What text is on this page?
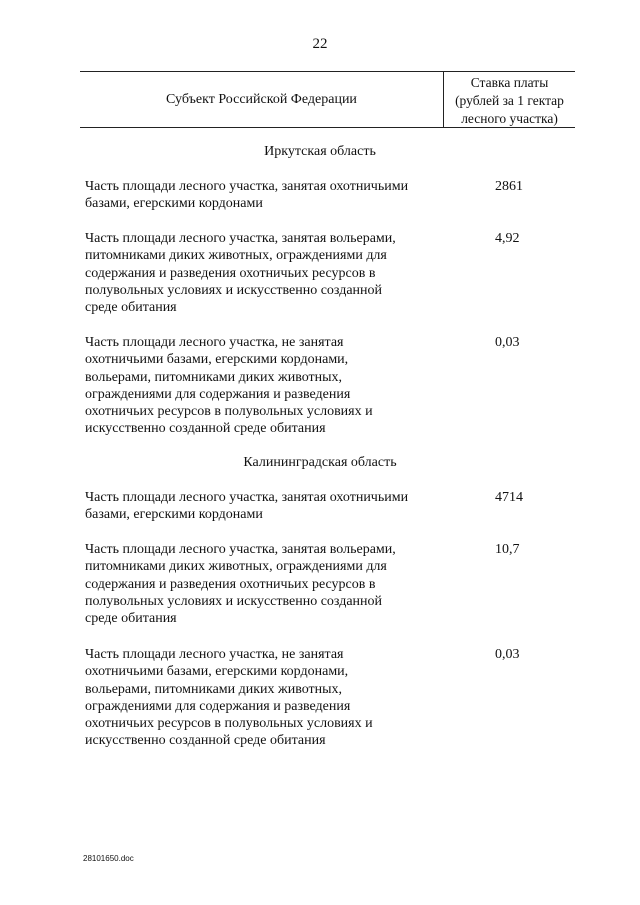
22
Субъект Российской Федерации
Ставка платы
(рублей за 1 гектар
лесного участка)
Иркутская область
Часть площади лесного участка, занятая охотничьими
базами, егерскими кордонами
2861
Часть площади лесного участка, занятая вольерами,
питомниками диких животных, ограждениями для
содержания и разведения охотничьих ресурсов в
полувольных условиях и искусственно созданной
среде обитания
4,92
Часть площади лесного участка, не занятая
охотничьими базами, егерскими кордонами,
вольерами, питомниками диких животных,
ограждениями для содержания и разведения
охотничьих ресурсов в полувольных условиях и
искусственно созданной среде обитания
0,03
Калининградская область
Часть площади лесного участка, занятая охотничьими
базами, егерскими кордонами
4714
Часть площади лесного участка, занятая вольерами,
питомниками диких животных, ограждениями для
содержания и разведения охотничьих ресурсов в
полувольных условиях и искусственно созданной
среде обитания
10,7
Часть площади лесного участка, не занятая
охотничьими базами, егерскими кордонами,
вольерами, питомниками диких животных,
ограждениями для содержания и разведения
охотничьих ресурсов в полувольных условиях и
искусственно созданной среде обитания
0,03
28101650.doc
